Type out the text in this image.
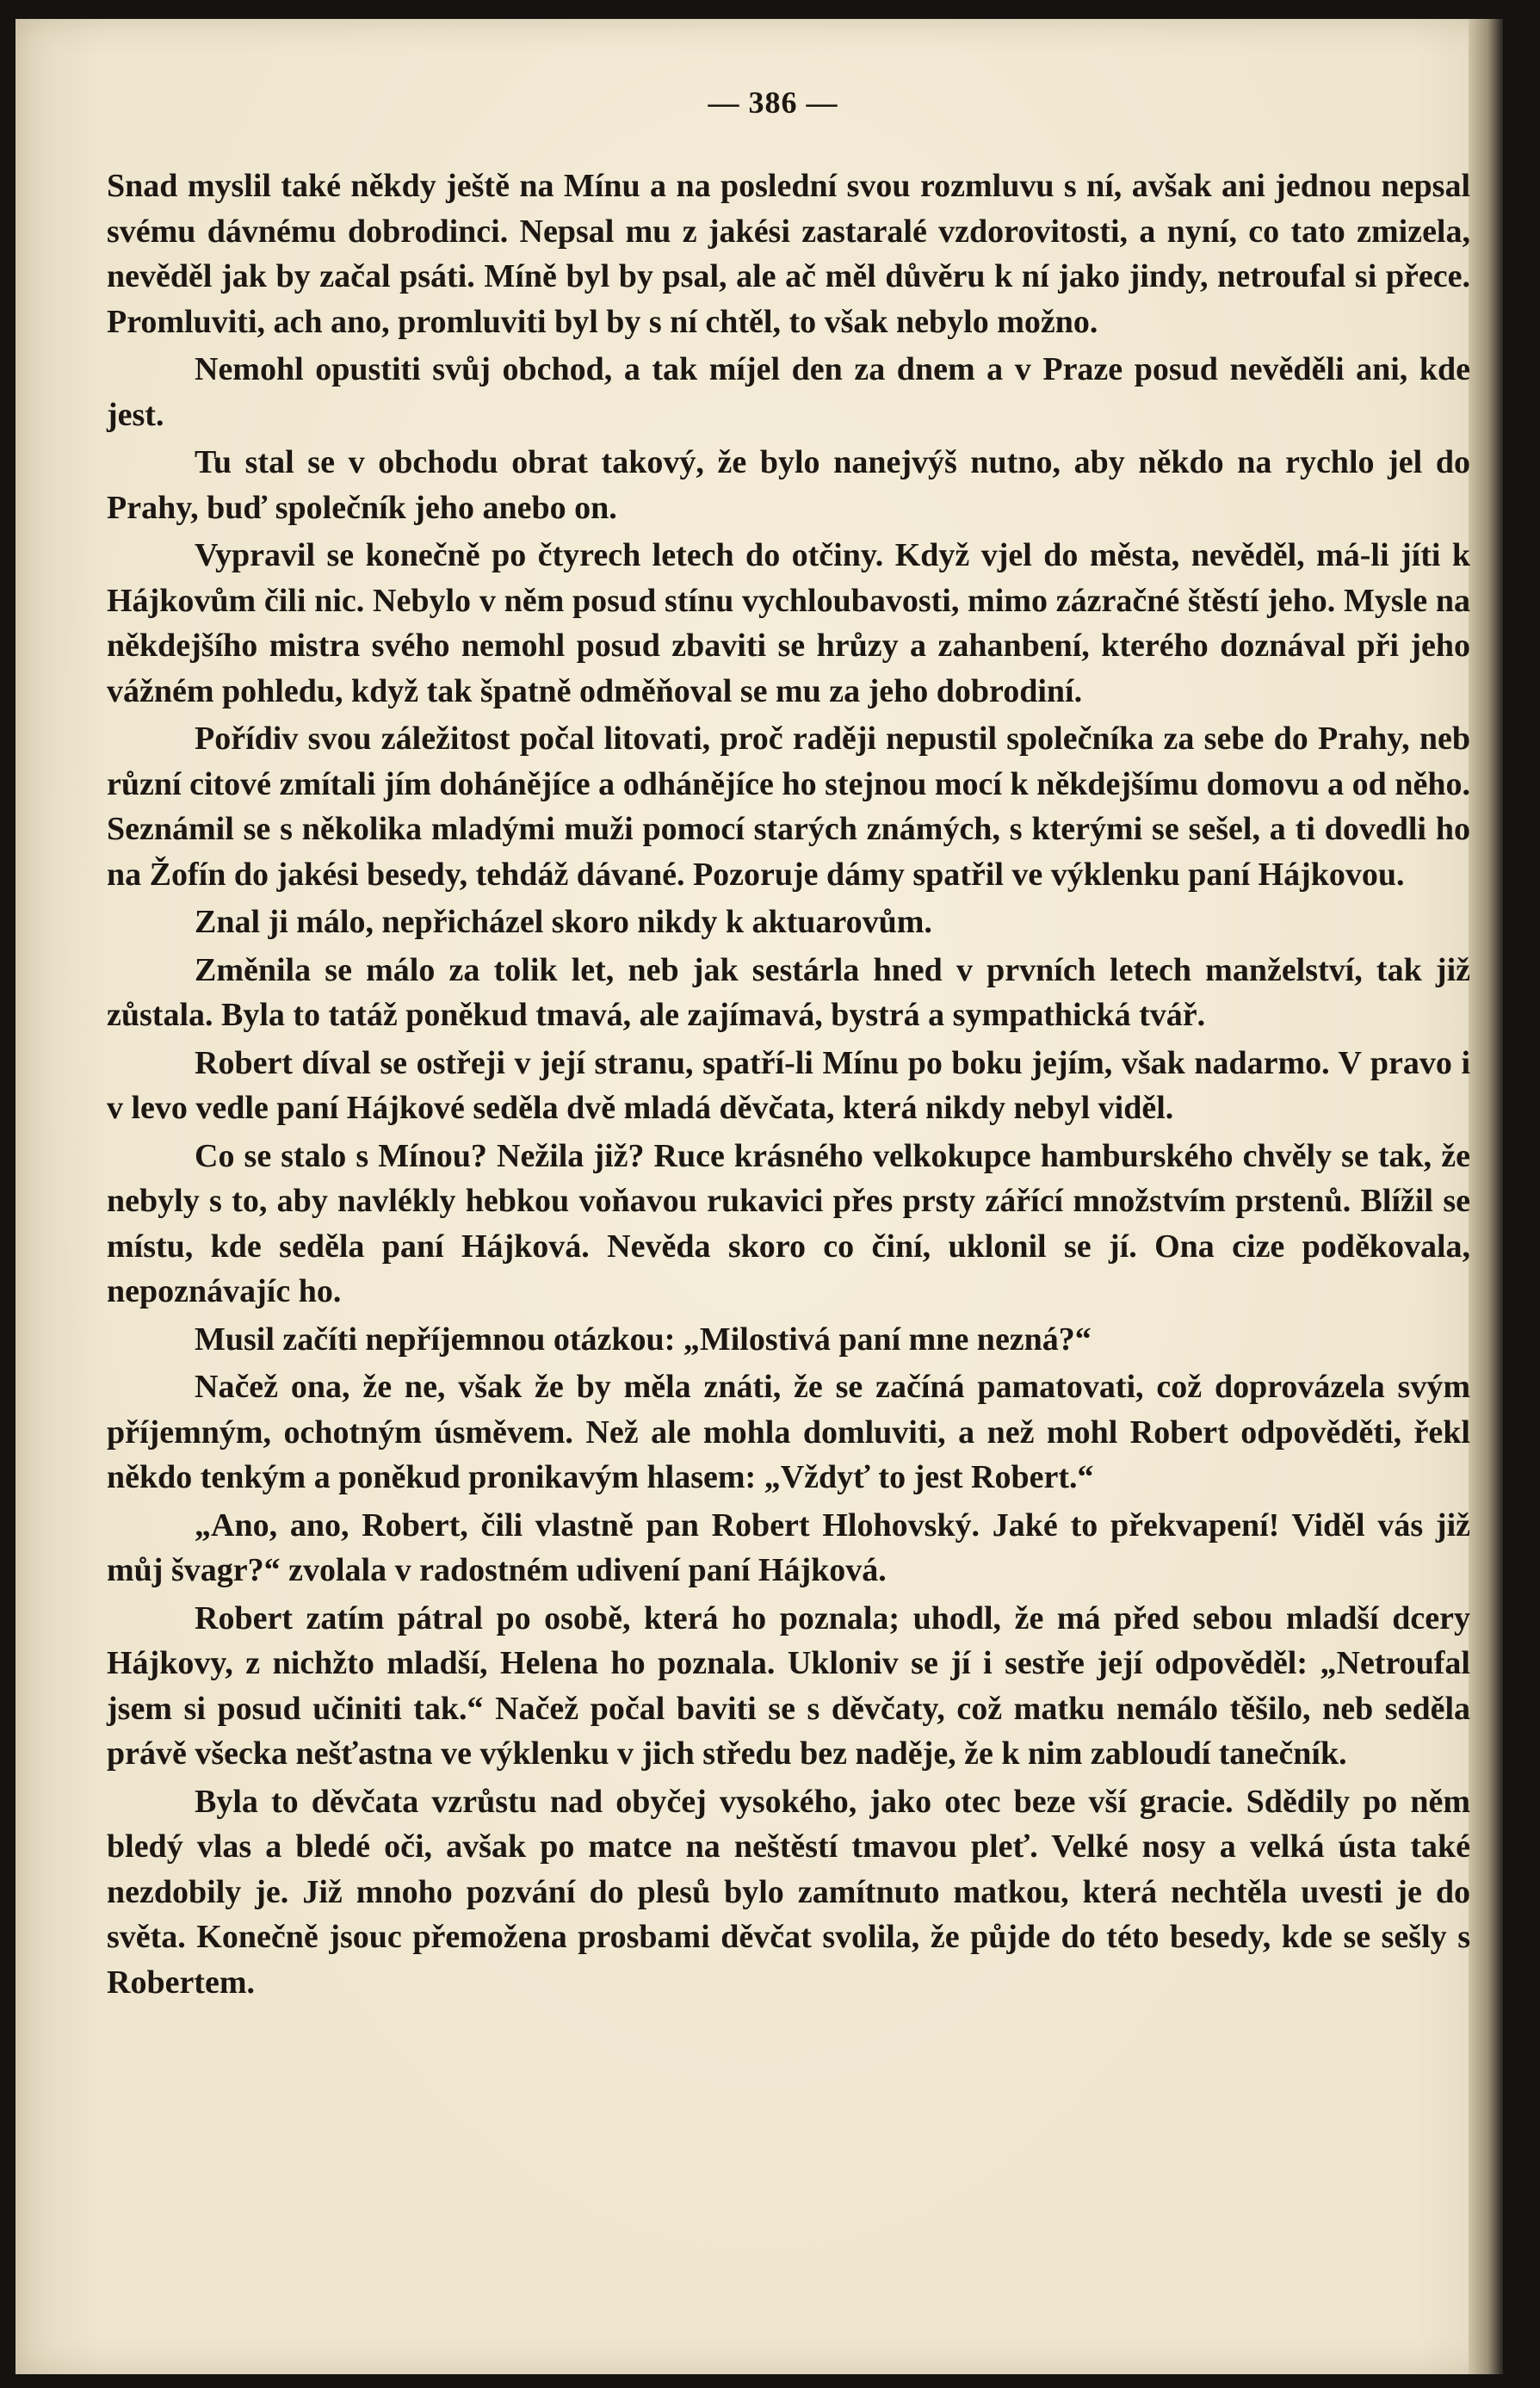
— 386 —

Snad myslil také někdy ještě na Mínu a na poslední svou rozmluvu s ní, avšak ani jednou nepsal svému dávnému dobrodinci. Nepsal mu z jakési zastaralé vzdorovitosti, a nyní, co tato zmizela, nevěděl jak by začal psáti. Míně byl by psal, ale ač měl důvěru k ní jako jindy, netroufal si přece. Promluviti, ach ano, promluviti byl by s ní chtěl, to však nebylo možno.

Nemohl opustiti svůj obchod, a tak míjel den za dnem a v Praze posud nevěděli ani, kde jest.

Tu stal se v obchodu obrat takový, že bylo nanejvýš nutno, aby někdo na rychlo jel do Prahy, buď společník jeho anebo on.

Vypravil se konečně po čtyrech letech do otčiny. Když vjel do města, nevěděl, má-li jíti k Hájkovům čili nic. Nebylo v něm posud stínu vychloubavosti, mimo zázračné štěstí jeho. Mysle na někdejšího mistra svého nemohl posud zbaviti se hrůzy a zahanbení, kterého doznával při jeho vážném pohledu, když tak špatně odměňoval se mu za jeho dobrodiní.

Pořídiv svou záležitost počal litovati, proč raději nepustil společníka za sebe do Prahy, neb různí citové zmítali jím dohánějíce a odhánějíce ho stejnou mocí k někdejšímu domovu a od něho. Seznámil se s několika mladými muži pomocí starých známých, s kterými se sešel, a ti dovedli ho na Žofín do jakési besedy, tehdáž dávané. Pozoruje dámy spatřil ve výklenku paní Hájkovou.

Znal ji málo, nepřicházel skoro nikdy k aktuarovům.

Změnila se málo za tolik let, neb jak sestárla hned v prvních letech manželství, tak již zůstala. Byla to tatáž poněkud tmavá, ale zajímavá, bystrá a sympathická tvář.

Robert díval se ostřeji v její stranu, spatří-li Mínu po boku jejím, však nadarmo. V pravo i v levo vedle paní Hájkové seděla dvě mladá děvčata, která nikdy nebyl viděl.

Co se stalo s Mínou? Nežila již? Ruce krásného velkokupce hamburského chvěly se tak, že nebyly s to, aby navlékly hebkou voňavou rukavici přes prsty zářící množstvím prstenů. Blížil se místu, kde seděla paní Hájková. Nevěda skoro co činí, uklonil se jí. Ona cize poděkovala, nepoznávajíc ho.

Musil začíti nepříjemnou otázkou: „Milostivá paní mne nezná?“

Načež ona, že ne, však že by měla znáti, že se začíná pamatovati, což doprovázela svým příjemným, ochotným úsměvem. Než ale mohla domluviti, a než mohl Robert odpověděti, řekl někdo tenkým a poněkud pronikavým hlasem: „Vždyť to jest Robert.“

„Ano, ano, Robert, čili vlastně pan Robert Hlohovský. Jaké to překvapení! Viděl vás již můj švagr?“ zvolala v radostném udivení paní Hájková.

Robert zatím pátral po osobě, která ho poznala; uhodl, že má před sebou mladší dcery Hájkovy, z nichžto mladší, Helena ho poznala. Ukloniv se jí i sestře její odpověděl: „Netroufal jsem si posud učiniti tak.“ Načež počal baviti se s děvčaty, což matku nemálo těšilo, neb seděla právě všecka nešťastna ve výklenku v jich středu bez naděje, že k nim zabloudí tanečník.

Byla to děvčata vzrůstu nad obyčej vysokého, jako otec beze vší gracie. Sdědily po něm bledý vlas a bledé oči, avšak po matce na neštěstí tmavou pleť. Velké nosy a velká ústa také nezdobily je. Již mnoho pozvání do plesů bylo zamítnuto matkou, která nechtěla uvesti je do světa. Konečně jsouc přemožena prosbami děvčat svolila, že půjde do této besedy, kde se sešly s Robertem.
